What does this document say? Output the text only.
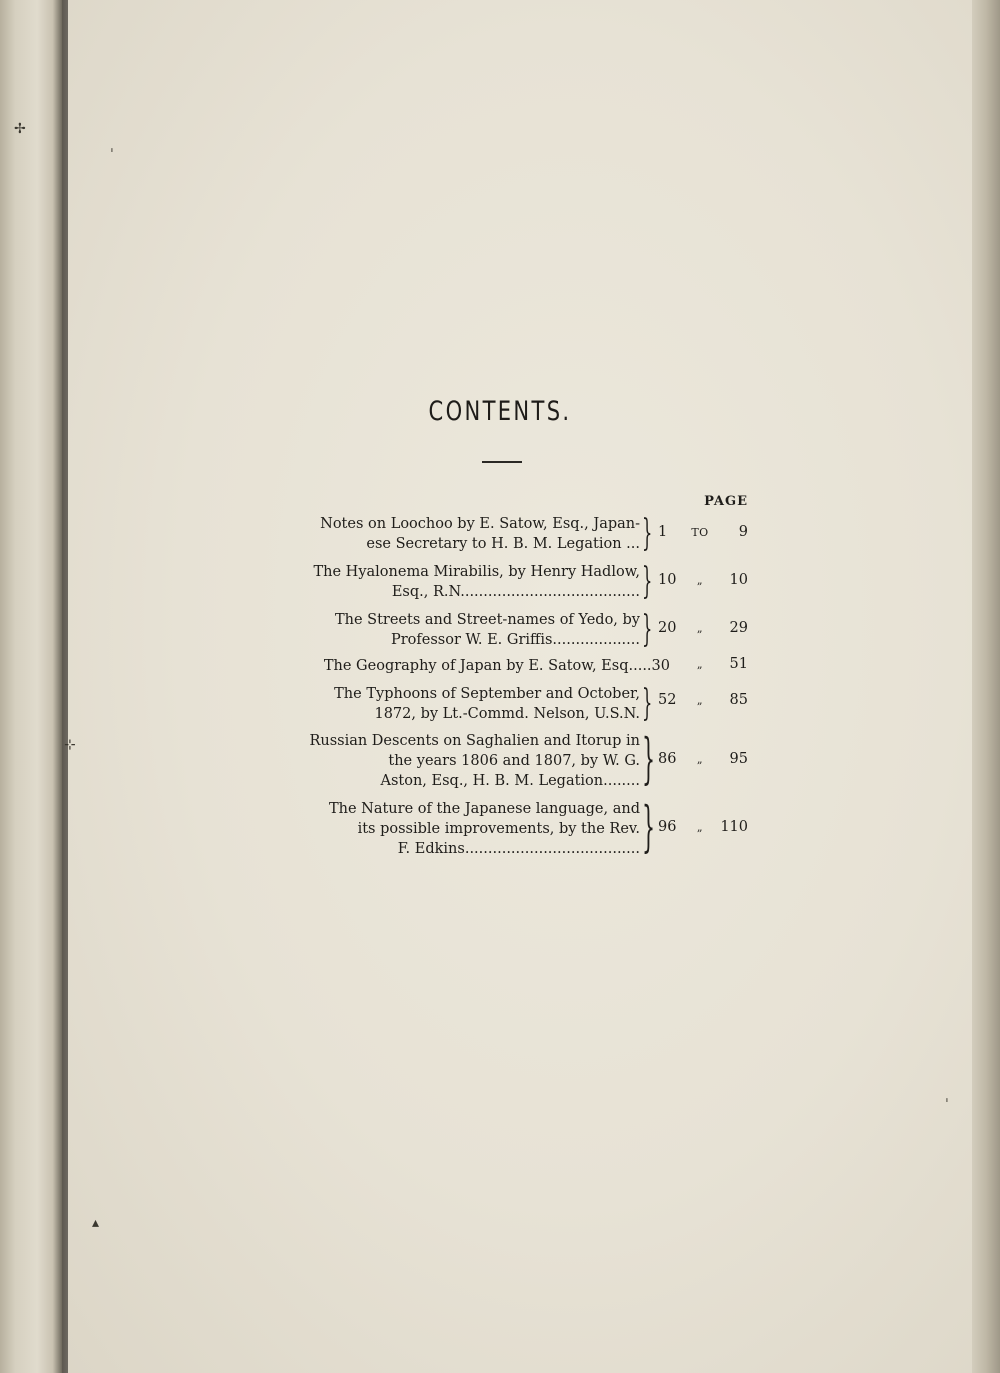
✢
ˈ
⊹
▴
ˈ
CONTENTS.
PAGE
Notes on Loochoo by E. Satow, Esq., Japan-
ese Secretary to H. B. M. Legation ... } 1	TO	9
The Hyalonema Mirabilis, by Henry Hadlow,
Esq., R.N....................................... } 10	„	10
The Streets and Street-names of Yedo, by
Professor W. E. Griffis................... } 20	„	29
The Geography of Japan by E. Satow, Esq.....30	„	51
The Typhoons of September and October,
1872, by Lt.-Commd. Nelson, U.S.N. } 52	„	85
Russian Descents on Saghalien and Itorup in
the years 1806 and 1807, by W. G.
Aston, Esq., H. B. M. Legation........ } 86	„	95
The Nature of the Japanese language, and
its possible improvements, by the Rev.
F. Edkins...................................... } 96	„	110
